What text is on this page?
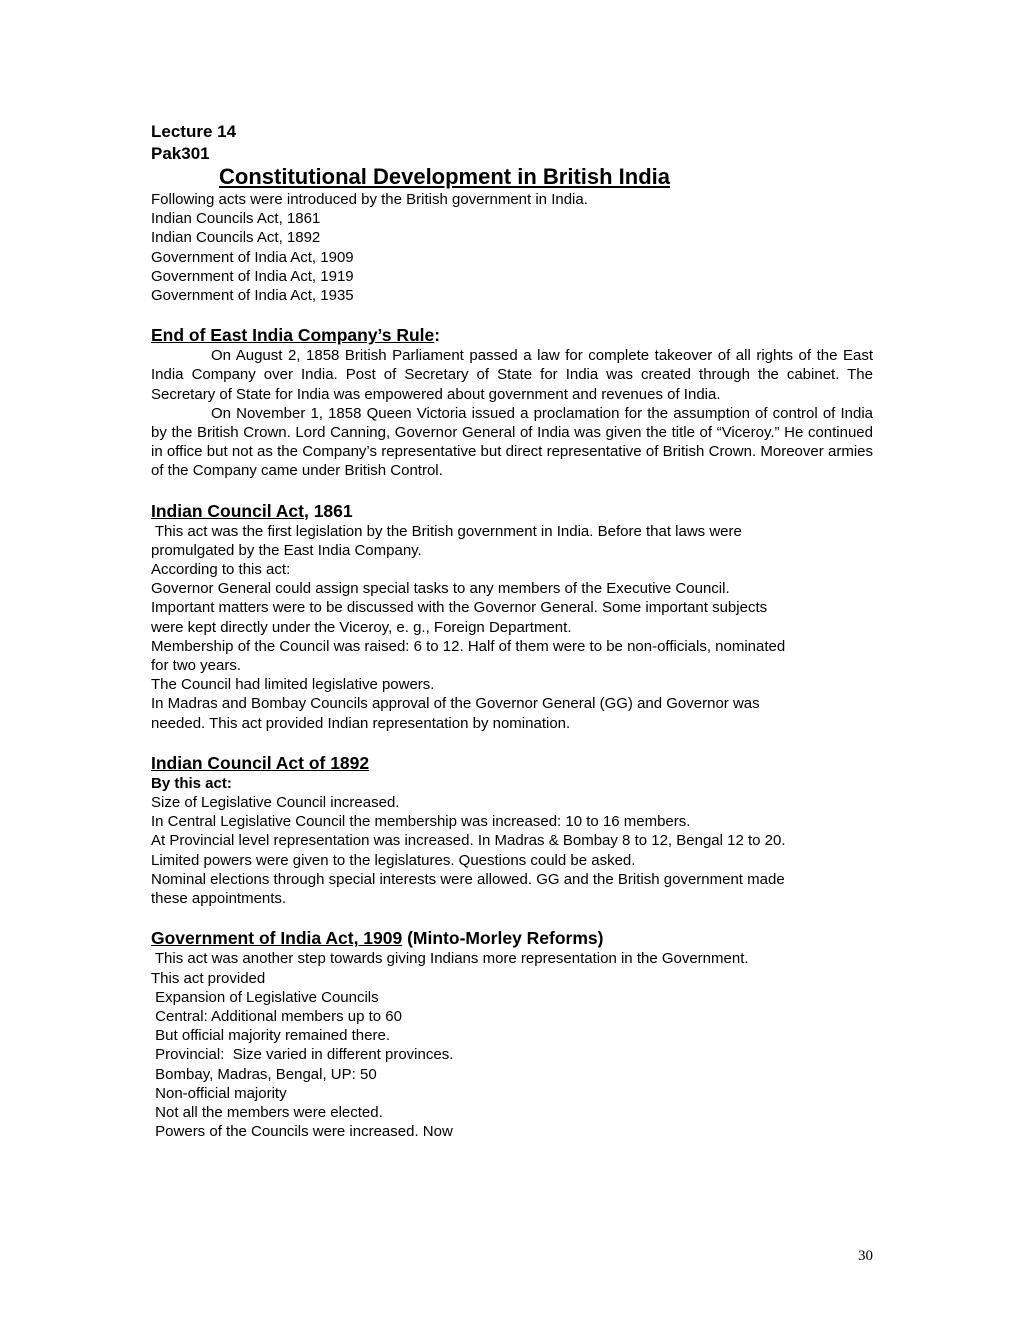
Lecture 14
Pak301
Constitutional Development in British India
Following acts were introduced by the British government in India.
Indian Councils Act, 1861
Indian Councils Act, 1892
Government of India Act, 1909
Government of India Act, 1919
Government of India Act, 1935
End of East India Company’s Rule:
On August 2, 1858 British Parliament passed a law for complete takeover of all rights of the East India Company over India. Post of Secretary of State for India was created through the cabinet. The Secretary of State for India was empowered about government and revenues of India.
On November 1, 1858 Queen Victoria issued a proclamation for the assumption of control of India by the British Crown. Lord Canning, Governor General of India was given the title of “Viceroy.” He continued in office but not as the Company’s representative but direct representative of British Crown. Moreover armies of the Company came under British Control.
Indian Council Act, 1861
This act was the first legislation by the British government in India. Before that laws were
promulgated by the East India Company.
According to this act:
Governor General could assign special tasks to any members of the Executive Council.
Important matters were to be discussed with the Governor General. Some important subjects
were kept directly under the Viceroy, e. g., Foreign Department.
Membership of the Council was raised: 6 to 12. Half of them were to be non-officials, nominated
for two years.
The Council had limited legislative powers.
In Madras and Bombay Councils approval of the Governor General (GG) and Governor was
needed. This act provided Indian representation by nomination.
Indian Council Act of 1892
By this act:
Size of Legislative Council increased.
In Central Legislative Council the membership was increased: 10 to 16 members.
At Provincial level representation was increased. In Madras & Bombay 8 to 12, Bengal 12 to 20.
Limited powers were given to the legislatures. Questions could be asked.
Nominal elections through special interests were allowed. GG and the British government made
these appointments.
Government of India Act, 1909 (Minto-Morley Reforms)
This act was another step towards giving Indians more representation in the Government.
This act provided
Expansion of Legislative Councils
Central: Additional members up to 60
But official majority remained there.
Provincial:  Size varied in different provinces.
Bombay, Madras, Bengal, UP: 50
Non-official majority
Not all the members were elected.
Powers of the Councils were increased. Now
30
